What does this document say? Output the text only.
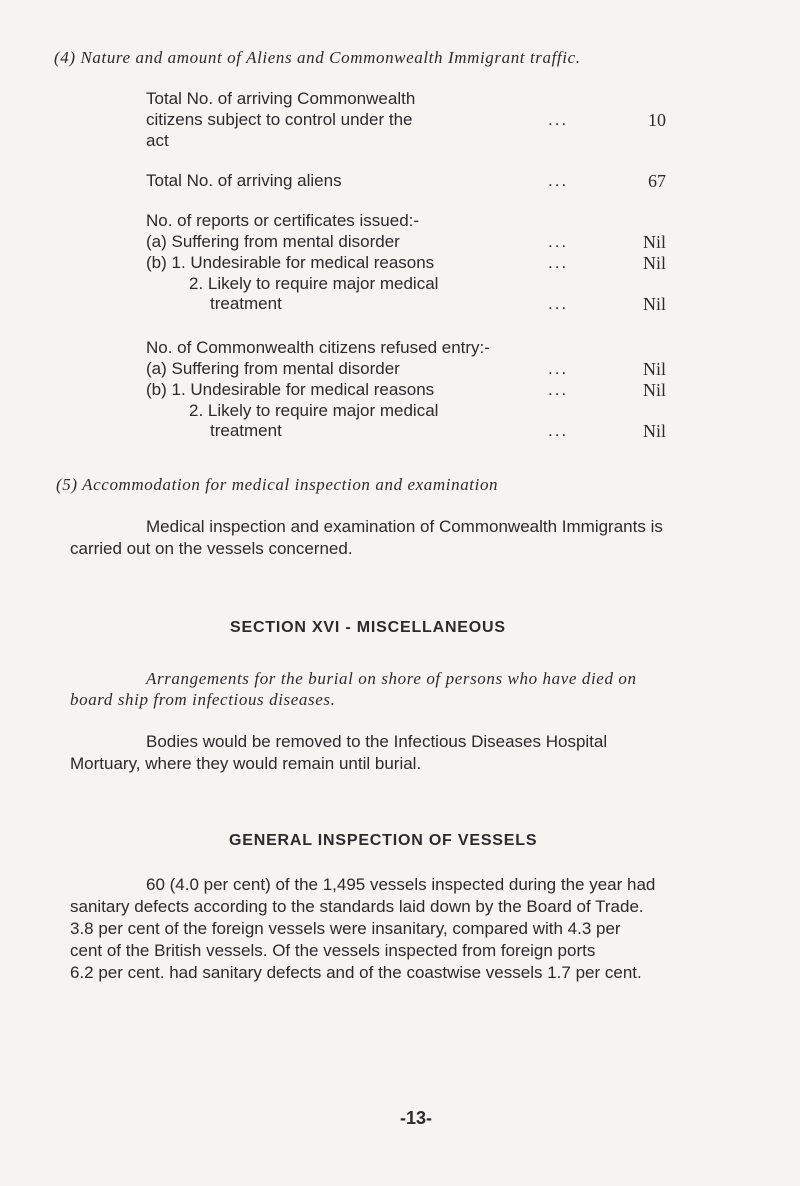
(4) Nature and amount of Aliens and Commonwealth Immigrant traffic.
Total No. of arriving Commonwealth
citizens subject to control under the	...	10
act
Total No. of arriving aliens	...	67
No. of reports or certificates issued:-
(a) Suffering from mental disorder	...	Nil
(b) 1. Undesirable for medical reasons	...	Nil
2. Likely to require major medical
treatment	...	Nil
No. of Commonwealth citizens refused entry:-
(a) Suffering from mental disorder	...	Nil
(b) 1. Undesirable for medical reasons	...	Nil
2. Likely to require major medical
treatment	...	Nil
(5) Accommodation for medical inspection and examination
Medical inspection and examination of Commonwealth Immigrants is
carried out on the vessels concerned.
SECTION XVI - MISCELLANEOUS
Arrangements for the burial on shore of persons who have died on
board ship from infectious diseases.
Bodies would be removed to the Infectious Diseases Hospital
Mortuary, where they would remain until burial.
GENERAL INSPECTION OF VESSELS
60 (4.0 per cent) of the 1,495 vessels inspected during the year had
sanitary defects according to the standards laid down by the Board of Trade.
3.8 per cent of the foreign vessels were insanitary, compared with 4.3 per
cent of the British vessels. Of the vessels inspected from foreign ports
6.2 per cent. had sanitary defects and of the coastwise vessels 1.7 per cent.
-13-
